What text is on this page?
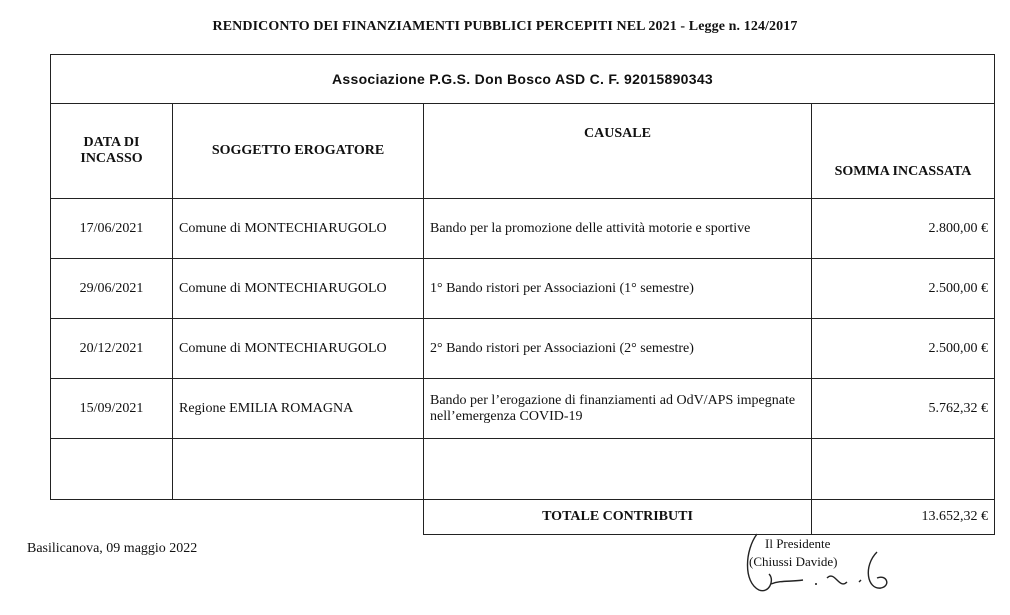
RENDICONTO DEI FINANZIAMENTI PUBBLICI PERCEPITI NEL 2021 - Legge n. 124/2017
Associazione P.G.S. Don Bosco ASD C. F. 92015890343			
DATA DI INCASSO	SOGGETTO EROGATORE	CAUSALE	SOMMA INCASSATA
17/06/2021	Comune di MONTECHIARUGOLO	Bando per la promozione delle attività motorie e sportive	2.800,00 €
29/06/2021	Comune di MONTECHIARUGOLO	1° Bando ristori per Associazioni (1° semestre)	2.500,00 €
20/12/2021	Comune di MONTECHIARUGOLO	2° Bando ristori per Associazioni (2° semestre)	2.500,00 €
15/09/2021	Regione EMILIA ROMAGNA	Bando per l’erogazione di finanziamenti ad OdV/APS impegnate nell’emergenza COVID-19	5.762,32 €

		TOTALE CONTRIBUTI	13.652,32 €
Basilicanova, 09 maggio 2022	Il Presidente
(Chiussi Davide)
